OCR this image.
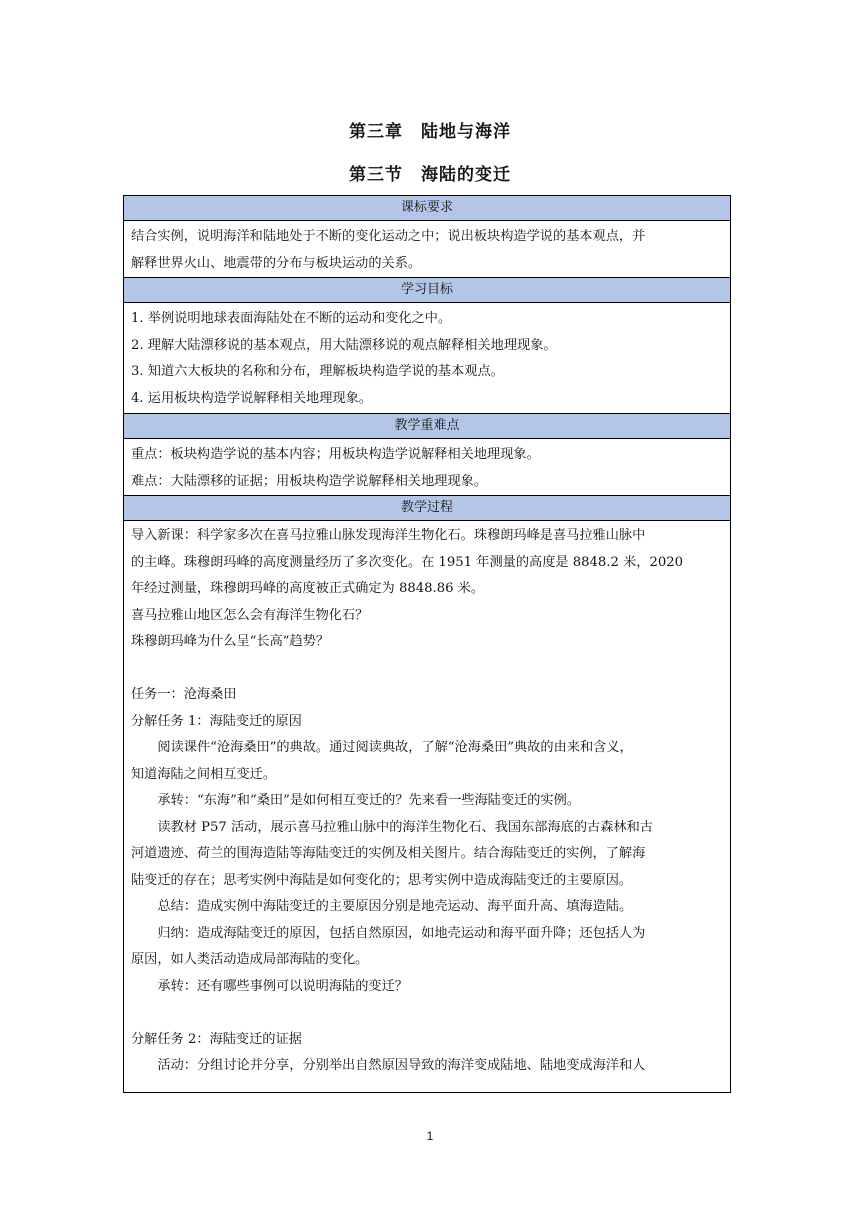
第三章　陆地与海洋
第三节　海陆的变迁
课标要求
结合实例，说明海洋和陆地处于不断的变化运动之中；说出板块构造学说的基本观点，并
解释世界火山、地震带的分布与板块运动的关系。
学习目标
1. 举例说明地球表面海陆处在不断的运动和变化之中。
2. 理解大陆漂移说的基本观点，用大陆漂移说的观点解释相关地理现象。
3. 知道六大板块的名称和分布，理解板块构造学说的基本观点。
4. 运用板块构造学说解释相关地理现象。
教学重难点
重点：板块构造学说的基本内容；用板块构造学说解释相关地理现象。
难点：大陆漂移的证据；用板块构造学说解释相关地理现象。
教学过程
导入新课：科学家多次在喜马拉雅山脉发现海洋生物化石。珠穆朗玛峰是喜马拉雅山脉中
的主峰。珠穆朗玛峰的高度测量经历了多次变化。在 1951 年测量的高度是 8848.2 米，2020
年经过测量，珠穆朗玛峰的高度被正式确定为 8848.86 米。
喜马拉雅山地区怎么会有海洋生物化石？
珠穆朗玛峰为什么呈“长高”趋势？
任务一：沧海桑田
分解任务 1：海陆变迁的原因
阅读课件“沧海桑田”的典故。通过阅读典故，了解“沧海桑田”典故的由来和含义，
知道海陆之间相互变迁。
承转：“东海”和“桑田”是如何相互变迁的？先来看一些海陆变迁的实例。
读教材 P57 活动，展示喜马拉雅山脉中的海洋生物化石、我国东部海底的古森林和古
河道遗迹、荷兰的围海造陆等海陆变迁的实例及相关图片。结合海陆变迁的实例，了解海
陆变迁的存在；思考实例中海陆是如何变化的；思考实例中造成海陆变迁的主要原因。
总结：造成实例中海陆变迁的主要原因分别是地壳运动、海平面升高、填海造陆。
归纳：造成海陆变迁的原因，包括自然原因，如地壳运动和海平面升降；还包括人为
原因，如人类活动造成局部海陆的变化。
承转：还有哪些事例可以说明海陆的变迁？
分解任务 2：海陆变迁的证据
活动：分组讨论并分享，分别举出自然原因导致的海洋变成陆地、陆地变成海洋和人
1
